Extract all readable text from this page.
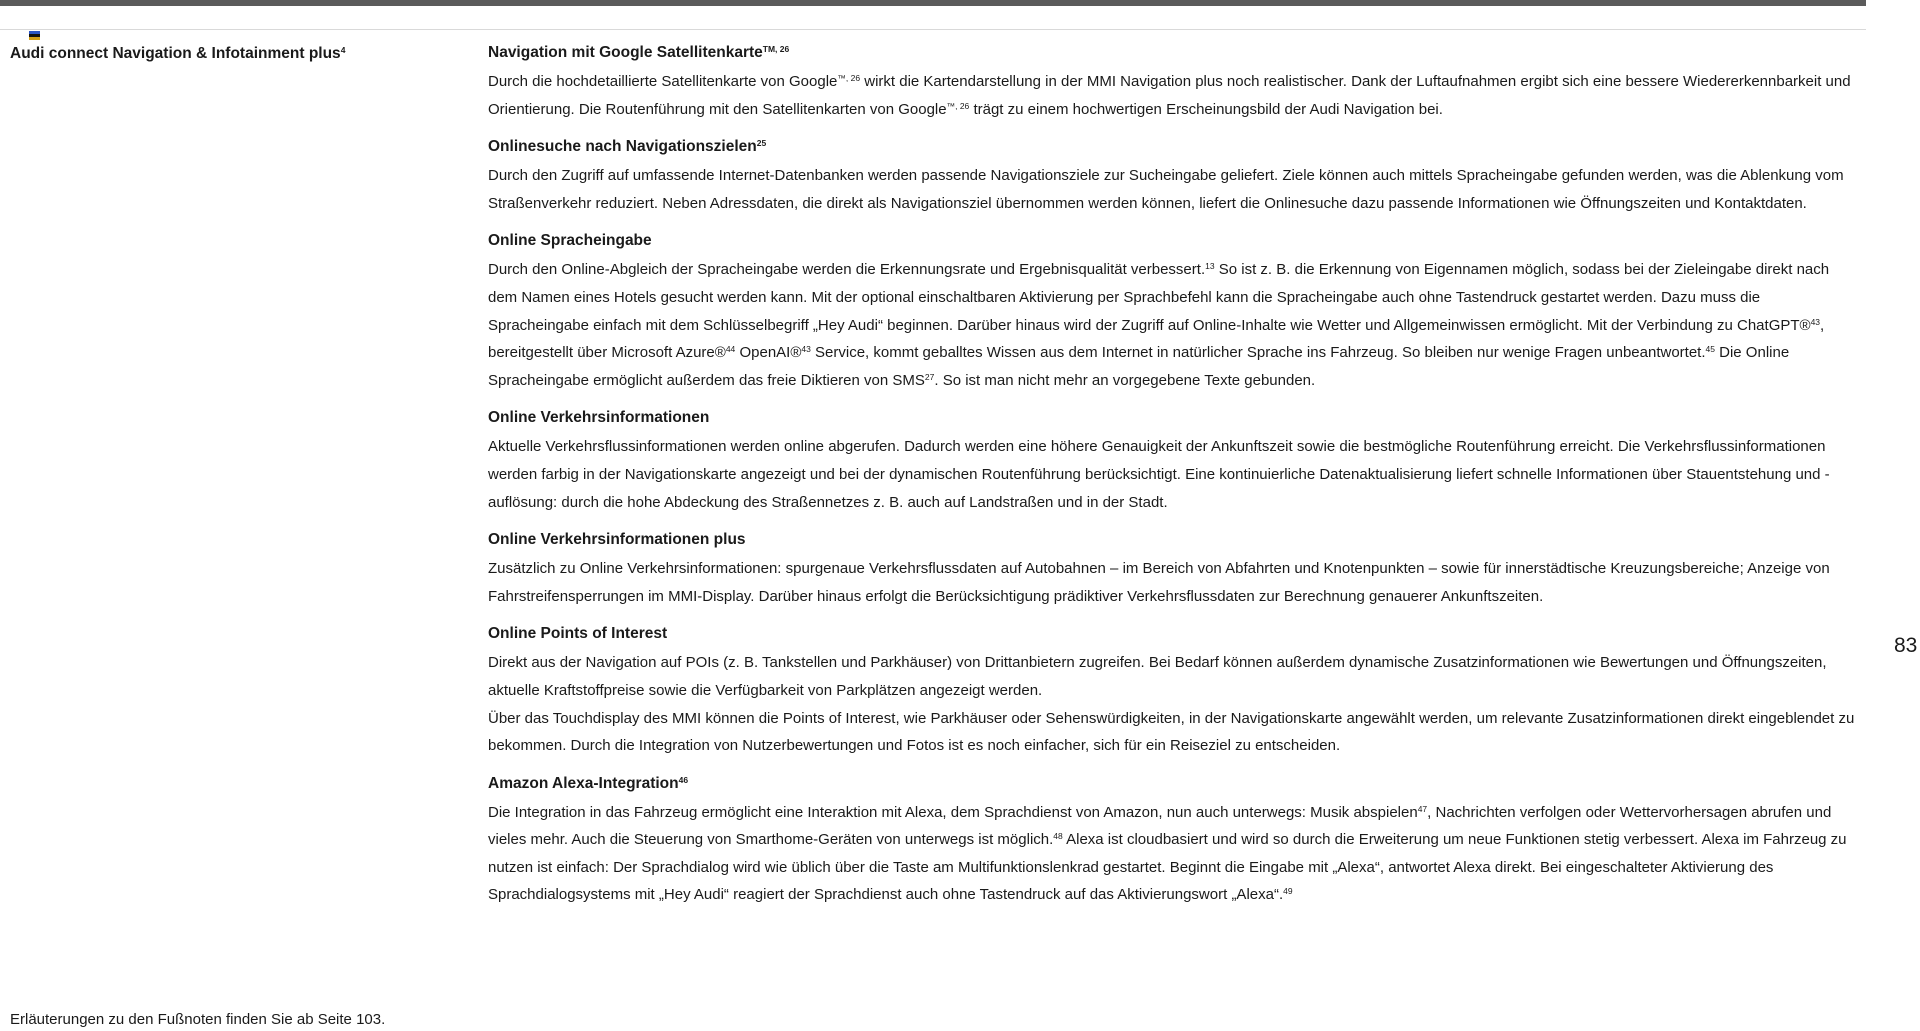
Audi connect Navigation & Infotainment plus$^4$	Navigation mit Google Satellitenkarte$^{TM, 26}$

Durch die hochdetaillierte Satellitenkarte von Google$^{™, 26}$ wirkt die Kartendarstellung in der MMI Navigation plus noch realistischer. Dank der Luftaufnahmen ergibt sich eine bessere Wiedererkennbarkeit und Orientierung. Die Routenführung mit den Satellitenkarten von Google$^{™, 26}$ trägt zu einem hochwertigen Erscheinungsbild der Audi Navigation bei.

Onlinesuche nach Navigationszielen$^{25}$

Durch den Zugriff auf umfassende Internet-Datenbanken werden passende Navigationsziele zur Sucheingabe geliefert. Ziele können auch mittels Spracheingabe gefunden werden, was die Ablenkung vom Straßenverkehr reduziert. Neben Adressdaten, die direkt als Navigationsziel übernommen werden können, liefert die Onlinesuche dazu passende Informationen wie Öffnungszeiten und Kontaktdaten.

Online Spracheingabe

Durch den Online-Abgleich der Spracheingabe werden die Erkennungsrate und Ergebnisqualität verbessert.$^{13}$ So ist z. B. die Erkennung von Eigennamen möglich, sodass bei der Zieleingabe direkt nach dem Namen eines Hotels gesucht werden kann. Mit der optional einschaltbaren Aktivierung per Sprachbefehl kann die Spracheingabe auch ohne Tastendruck gestartet werden. Dazu muss die Spracheingabe einfach mit dem Schlüsselbegriff „Hey Audi“ beginnen. Darüber hinaus wird der Zugriff auf Online-Inhalte wie Wetter und Allgemeinwissen ermöglicht. Mit der Verbindung zu ChatGPT®$^{43}$, bereitgestellt über Microsoft Azure®$^{44}$ OpenAI®$^{43}$ Service, kommt geballtes Wissen aus dem Internet in natürlicher Sprache ins Fahrzeug. So bleiben nur wenige Fragen unbeantwortet.$^{45}$ Die Online Spracheingabe ermöglicht außerdem das freie Diktieren von SMS$^{27}$. So ist man nicht mehr an vorgegebene Texte gebunden.

Online Verkehrsinformationen

Aktuelle Verkehrsflussinformationen werden online abgerufen. Dadurch werden eine höhere Genauigkeit der Ankunftszeit sowie die bestmögliche Routenführung erreicht. Die Verkehrsflussinformationen werden farbig in der Navigationskarte angezeigt und bei der dynamischen Routenführung berücksichtigt. Eine kontinuierliche Datenaktualisierung liefert schnelle Informationen über Stauentstehung und -auflösung: durch die hohe Abdeckung des Straßennetzes z. B. auch auf Landstraßen und in der Stadt.

Online Verkehrsinformationen plus

Zusätzlich zu Online Verkehrsinformationen: spurgenaue Verkehrsflussdaten auf Autobahnen – im Bereich von Abfahrten und Knotenpunkten – sowie für innerstädtische Kreuzungsbereiche; Anzeige von Fahrstreifensperrungen im MMI-Display. Darüber hinaus erfolgt die Berücksichtigung prädiktiver Verkehrsflussdaten zur Berechnung genauerer Ankunftszeiten.

Online Points of Interest

Direkt aus der Navigation auf POIs (z. B. Tankstellen und Parkhäuser) von Drittanbietern zugreifen. Bei Bedarf können außerdem dynamische Zusatzinformationen wie Bewertungen und Öffnungszeiten, aktuelle Kraftstoffpreise sowie die Verfügbarkeit von Parkplätzen angezeigt werden.

Über das Touchdisplay des MMI können die Points of Interest, wie Parkhäuser oder Sehenswürdigkeiten, in der Navigationskarte angewählt werden, um relevante Zusatzinformationen direkt eingeblendet zu bekommen. Durch die Integration von Nutzerbewertungen und Fotos ist es noch einfacher, sich für ein Reiseziel zu entscheiden.

Amazon Alexa-Integration$^{46}$

Die Integration in das Fahrzeug ermöglicht eine Interaktion mit Alexa, dem Sprachdienst von Amazon, nun auch unterwegs: Musik abspielen$^{47}$, Nachrichten verfolgen oder Wettervorhersagen abrufen und vieles mehr. Auch die Steuerung von Smarthome-Geräten von unterwegs ist möglich.$^{48}$ Alexa ist cloudbasiert und wird so durch die Erweiterung um neue Funktionen stetig verbessert. Alexa im Fahrzeug zu nutzen ist einfach: Der Sprachdialog wird wie üblich über die Taste am Multifunktionslenkrad gestartet. Beginnt die Eingabe mit „Alexa“, antwortet Alexa direkt. Bei eingeschalteter Aktivierung des Sprachdialogsystems mit „Hey Audi“ reagiert der Sprachdienst auch ohne Tastendruck auf das Aktivierungswort „Alexa“.$^{49}$

83
Erläuterungen zu den Fußnoten finden Sie ab Seite 103.
